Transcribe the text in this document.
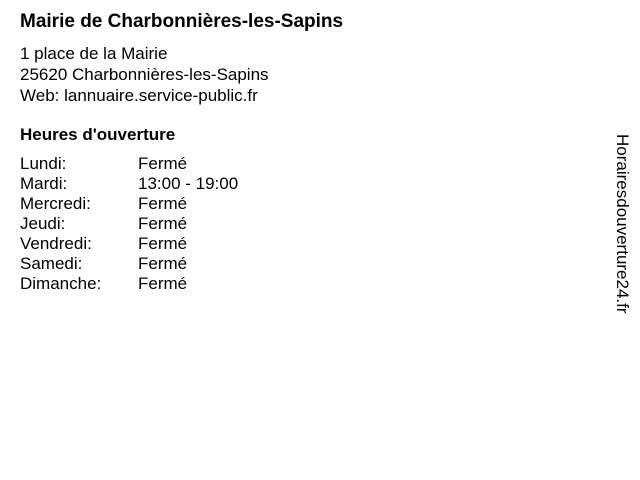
Mairie de Charbonnières-les-Sapins
1 place de la Mairie
25620 Charbonnières-les-Sapins
Web: lannuaire.service-public.fr
Heures d'ouverture
Lundi:	Fermé
Mardi:	13:00 - 19:00
Mercredi:	Fermé
Jeudi:	Fermé
Vendredi:	Fermé
Samedi:	Fermé
Dimanche:	Fermé	Horairesdouverture24.fr
